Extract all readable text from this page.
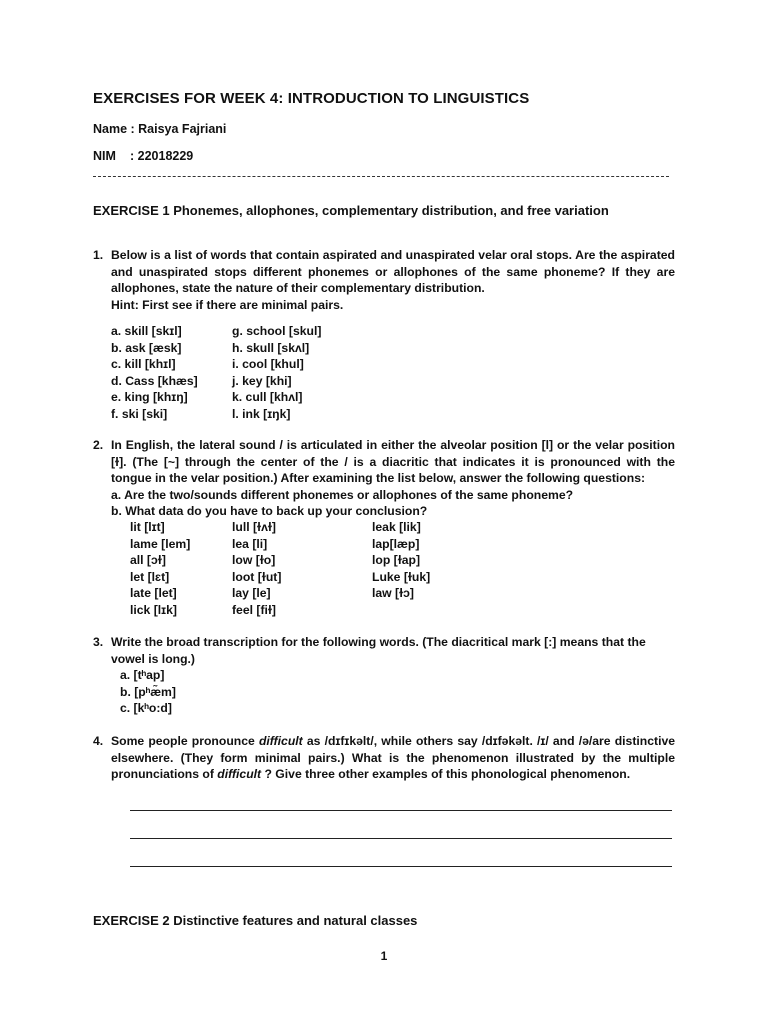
EXERCISES FOR WEEK 4: INTRODUCTION TO LINGUISTICS
Name : Raisya Fajriani
NIM : 22018229
EXERCISE 1 Phonemes, allophones, complementary distribution, and free variation
1. Below is a list of words that contain aspirated and unaspirated velar oral stops. Are the aspirated and unaspirated stops different phonemes or allophones of the same phoneme? If they are allophones, state the nature of their complementary distribution.

Hint: First see if there are minimal pairs.

a. skill [skɪl]
b. ask [æsk]
c. kill [khɪl]
d. Cass [khæs]
e. king [khɪŋ]
f. ski [ski]
g. school [skul]
h. skull [skʌl]
i. cool [khul]
j. key [khi]
k. cull [khʌl]
l. ink [ɪŋk]
2. In English, the lateral sound / is articulated in either the alveolar position [l] or the velar position [ɫ]. (The [~] through the center of the / is a diacritic that indicates it is pronounced with the tongue in the velar position.) After examining the list below, answer the following questions:

a. Are the two/sounds different phonemes or allophones of the same phoneme?

b. What data do you have to back up your conclusion?

lit [lɪt]
lame [lem]
all [ɔɫ]
let [lɛt]
late [let]
lick [lɪk]
lull [ɫʌɫ]
lea [li]
low [ɫo]
loot [ɫut]
lay [le]
feel [fiɫ]
leak [lik]
lap[læp]
lop [ɫap]
Luke [ɫuk]
law [ɫɔ]
3. Write the broad transcription for the following words. (The diacritical mark [:] means that the vowel is long.)

a. [tʰap]
b. [pʰæ̃m]
c. [kʰo:d]
4. Some people pronounce difficult as /dɪfɪkəlt/, while others say /dɪfəkəlt. /ɪ/ and /ə/are distinctive elsewhere. (They form minimal pairs.) What is the phenomenon illustrated by the multiple pronunciations of difficult ? Give three other examples of this phonological phenomenon.

EXERCISE 2 Distinctive features and natural classes
1
